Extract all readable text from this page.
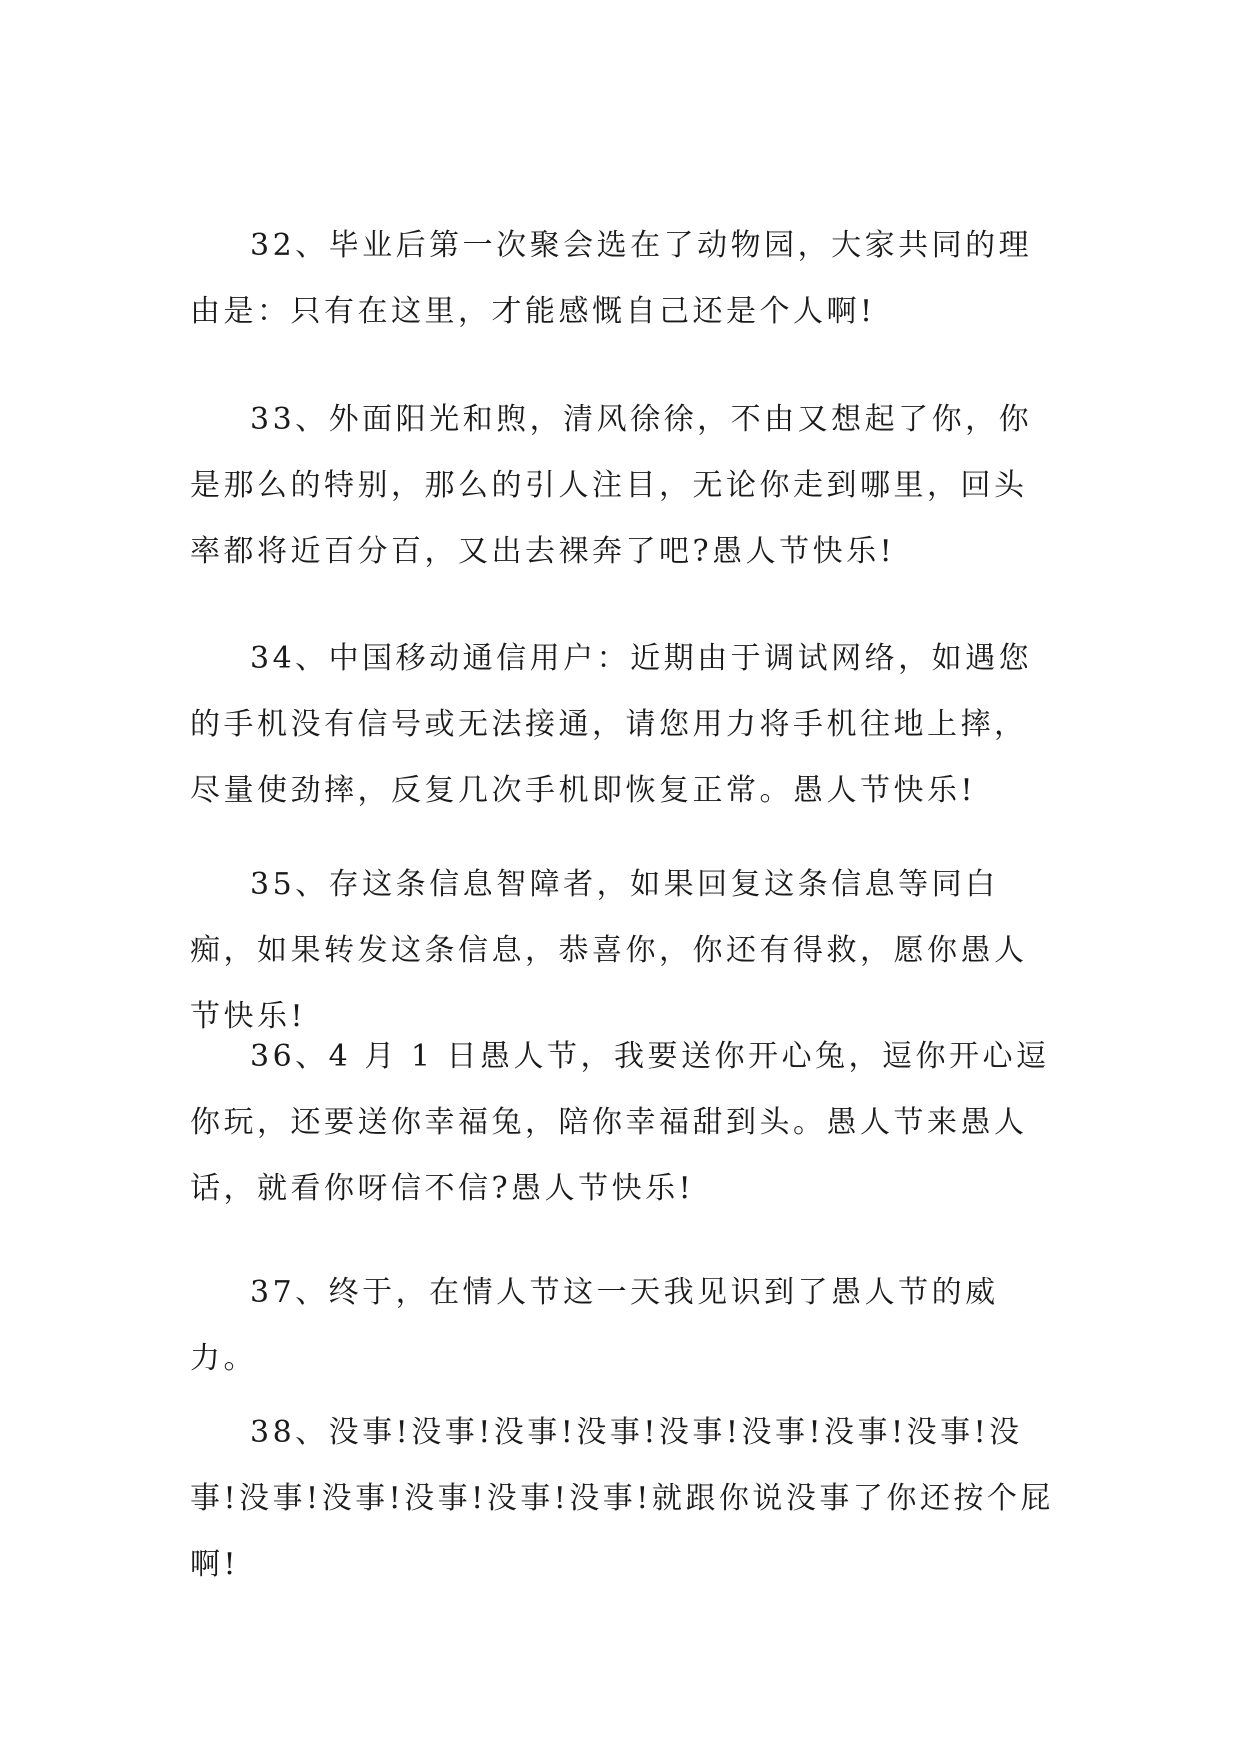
32、毕业后第一次聚会选在了动物园，大家共同的理由是：只有在这里，才能感慨自己还是个人啊!

33、外面阳光和煦，清风徐徐，不由又想起了你，你是那么的特别，那么的引人注目，无论你走到哪里，回头率都将近百分百，又出去裸奔了吧?愚人节快乐!

34、中国移动通信用户：近期由于调试网络，如遇您的手机没有信号或无法接通，请您用力将手机往地上摔，尽量使劲摔，反复几次手机即恢复正常。愚人节快乐!

35、存这条信息智障者，如果回复这条信息等同白痴，如果转发这条信息，恭喜你，你还有得救，愿你愚人节快乐!

36、4 月 1 日愚人节，我要送你开心兔，逗你开心逗你玩，还要送你幸福兔，陪你幸福甜到头。愚人节来愚人话，就看你呀信不信?愚人节快乐!

37、终于，在情人节这一天我见识到了愚人节的威力。

38、没事!没事!没事!没事!没事!没事!没事!没事!没事!没事!没事!没事!没事!没事!就跟你说没事了你还按个屁啊!
